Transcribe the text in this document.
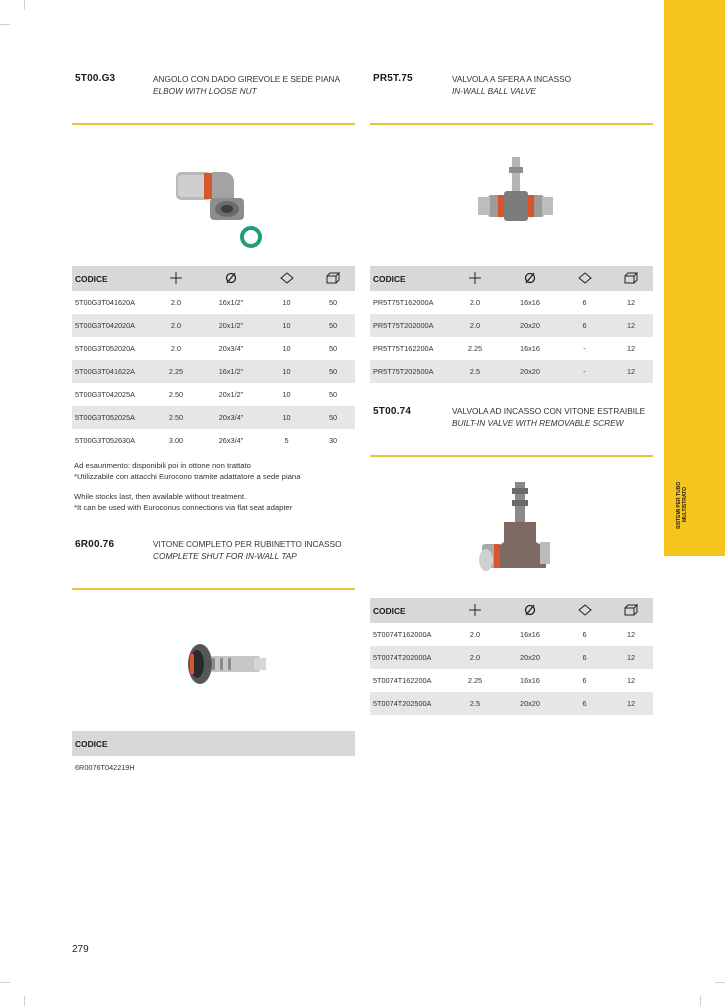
SISTEMI PER TUBO MULTISTRATO
5T00.G3	ANGOLO CON DADO GIREVOLE E SEDE PIANA
ELBOW WITH LOOSE NUT
CODICE				
5T00G3T041620A	2.0	16x1/2"	10	50
5T00G3T042020A	2.0	20x1/2"	10	50
5T00G3T052020A	2.0	20x3/4"	10	50
5T00G3T041622A	2.25	16x1/2"	10	50
5T00G3T042025A	2.50	20x1/2"	10	50
5T00G3T052025A	2.50	20x3/4"	10	50
5T00G3T052630A	3.00	26x3/4"	5	30
Ad esaurimento: disponibili poi in ottone non trattato
*Utilizzabile con attacchi Eurocono tramite adattatore a sede piana
While stocks last, then available without treatment.
*It can be used with Euroconus connections via flat seat adapter
6R00.76	VITONE COMPLETO PER RUBINETTO INCASSO
COMPLETE SHUT FOR IN-WALL TAP
CODICE
6R0076T042219H
PR5T.75	VALVOLA A SFERA A INCASSO
IN-WALL BALL VALVE
CODICE				
PR5T75T162000A	2.0	16x16	6	12
PR5T75T202000A	2.0	20x20	6	12
PR5T75T162200A	2.25	16x16	-	12
PR5T75T202500A	2.5	20x20	-	12
5T00.74	VALVOLA AD INCASSO CON VITONE ESTRAIBILE
BUILT-IN VALVE WITH REMOVABLE SCREW
CODICE				
5T0074T162000A	2.0	16x16	6	12
5T0074T202000A	2.0	20x20	6	12
5T0074T162200A	2.25	16x16	6	12
5T0074T202500A	2.5	20x20	6	12
279
